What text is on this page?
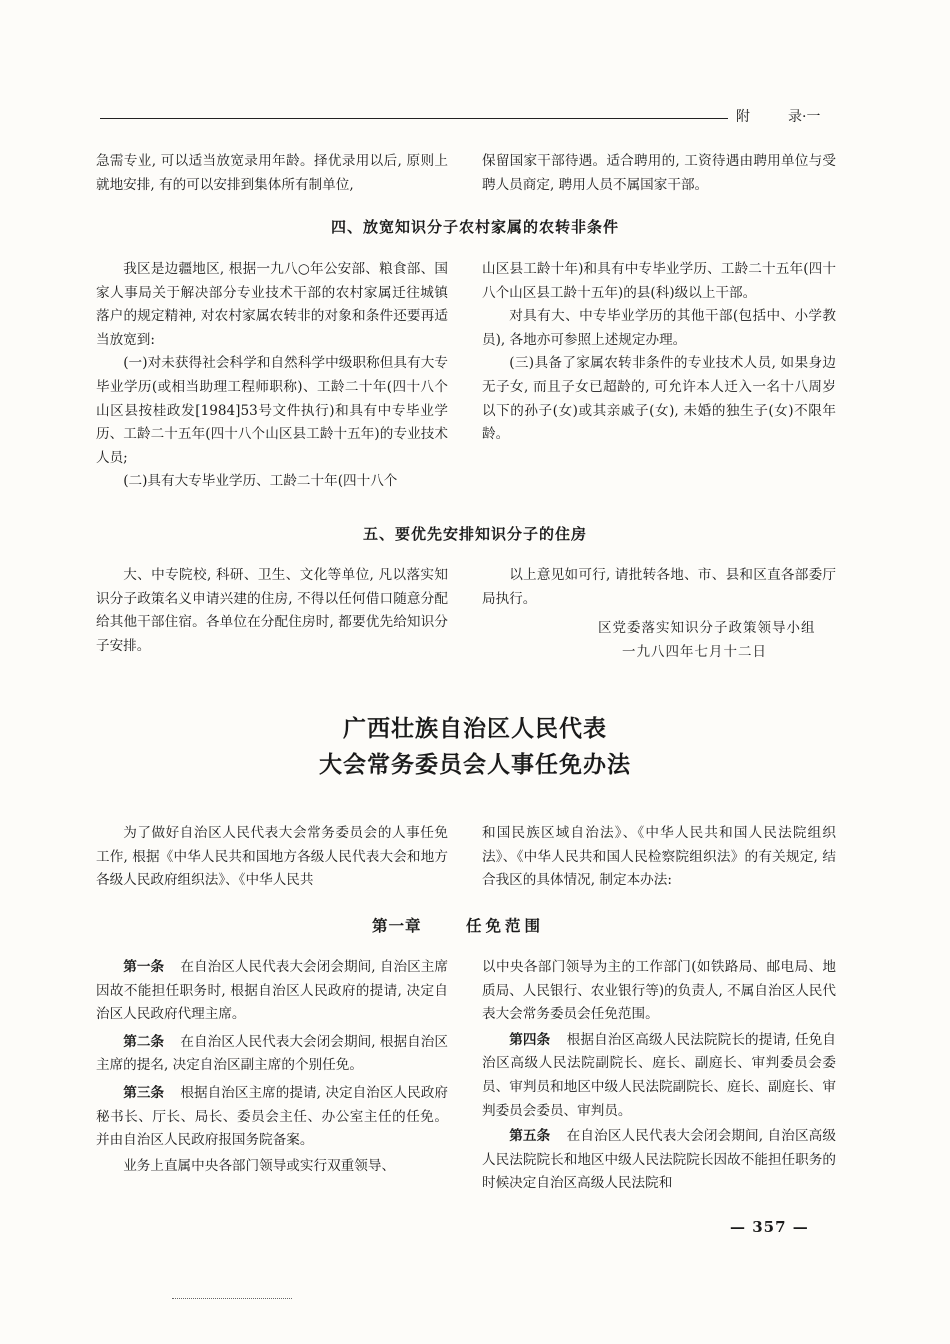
附	录·一

急需专业, 可以适当放宽录用年龄。择优录用以后, 原则上就地安排, 有的可以安排到集体所有制单位,

保留国家干部待遇。适合聘用的, 工资待遇由聘用单位与受聘人员商定, 聘用人员不属国家干部。

四、放宽知识分子农村家属的农转非条件

我区是边疆地区, 根据一九八○年公安部、粮食部、国家人事局关于解决部分专业技术干部的农村家属迁往城镇落户的规定精神, 对农村家属农转非的对象和条件还要再适当放宽到:

(一)对未获得社会科学和自然科学中级职称但具有大专毕业学历(或相当助理工程师职称)、工龄二十年(四十八个山区县按桂政发[1984]53号文件执行)和具有中专毕业学历、工龄二十五年(四十八个山区县工龄十五年)的专业技术人员;

(二)具有大专毕业学历、工龄二十年(四十八个

山区县工龄十年)和具有中专毕业学历、工龄二十五年(四十八个山区县工龄十五年)的县(科)级以上干部。

对具有大、中专毕业学历的其他干部(包括中、小学教员), 各地亦可参照上述规定办理。

(三)具备了家属农转非条件的专业技术人员, 如果身边无子女, 而且子女已超龄的, 可允许本人迁入一名十八周岁以下的孙子(女)或其亲戚子(女), 未婚的独生子(女)不限年龄。

五、要优先安排知识分子的住房

大、中专院校, 科研、卫生、文化等单位, 凡以落实知识分子政策名义申请兴建的住房, 不得以任何借口随意分配给其他干部住宿。各单位在分配住房时, 都要优先给知识分子安排。

以上意见如可行, 请批转各地、市、县和区直各部委厅局执行。

区党委落实知识分子政策领导小组
一九八四年七月十二日
广西壮族自治区人民代表
大会常务委员会人事任免办法

为了做好自治区人民代表大会常务委员会的人事任免工作, 根据《中华人民共和国地方各级人民代表大会和地方各级人民政府组织法》、《中华人民共

和国民族区域自治法》、《中华人民共和国人民法院组织法》、《中华人民共和国人民检察院组织法》的有关规定, 结合我区的具体情况, 制定本办法:

第一章	任免范围

第一条 在自治区人民代表大会闭会期间, 自治区主席因故不能担任职务时, 根据自治区人民政府的提请, 决定自治区人民政府代理主席。

第二条 在自治区人民代表大会闭会期间, 根据自治区主席的提名, 决定自治区副主席的个别任免。

第三条 根据自治区主席的提请, 决定自治区人民政府秘书长、厅长、局长、委员会主任、办公室主任的任免。并由自治区人民政府报国务院备案。

业务上直属中央各部门领导或实行双重领导、

以中央各部门领导为主的工作部门(如铁路局、邮电局、地质局、人民银行、农业银行等)的负责人, 不属自治区人民代表大会常务委员会任免范围。

第四条 根据自治区高级人民法院院长的提请, 任免自治区高级人民法院副院长、庭长、副庭长、审判委员会委员、审判员和地区中级人民法院副院长、庭长、副庭长、审判委员会委员、审判员。

第五条 在自治区人民代表大会闭会期间, 自治区高级人民法院院长和地区中级人民法院院长因故不能担任职务的时候决定自治区高级人民法院和

— 357 —
